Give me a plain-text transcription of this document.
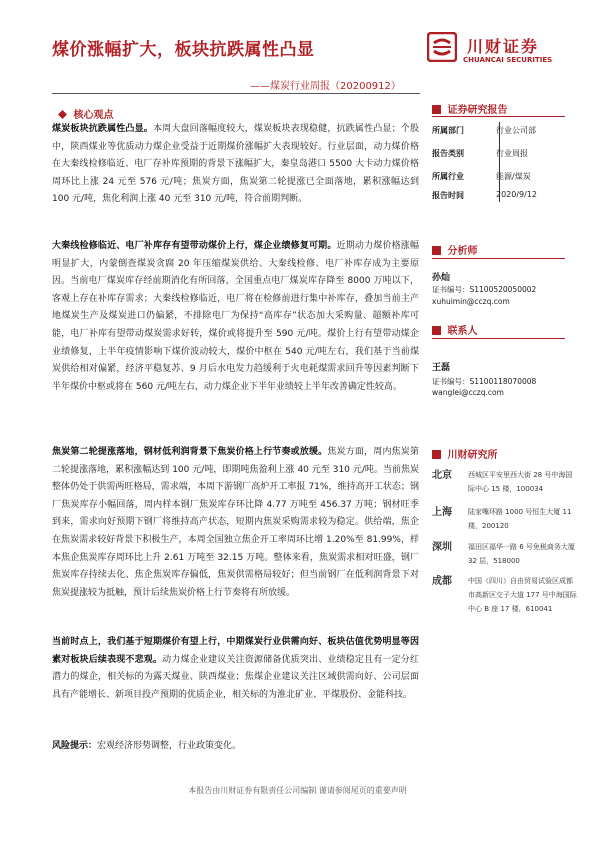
煤价涨幅扩大，板块抗跌属性凸显
——煤炭行业周报（20200912）
川财证券
CHUANCAI SECURITIES
核心观点
煤炭板块抗跌属性凸显。本周大盘回落幅度较大，煤炭板块表现稳健，抗跌属性凸显；个股中，陕西煤业等优质动力煤企业受益于近期煤价涨幅扩大表现较好。行业层面，动力煤价格在大秦线检修临近、电厂存补库预期的背景下涨幅扩大，秦皇岛港口 5500 大卡动力煤价格周环比上涨 24 元至 576 元/吨；焦炭方面，焦炭第二轮提涨已全面落地，累积涨幅达到 100 元/吨，焦化利润上涨 40 元至 310 元/吨，符合前期判断。
大秦线检修临近、电厂补库存有望带动煤价上行，煤企业绩修复可期。近期动力煤价格涨幅明显扩大，内蒙倒查煤炭贪腐 20 年压缩煤炭供给、大秦线检修、电厂补库存成为主要原因。当前电厂煤炭库存经前期消化有所回落，全国重点电厂煤炭库存降至 8000 万吨以下，客观上存在补库存需求；大秦线检修临近，电厂将在检修前进行集中补库存，叠加当前主产地煤炭生产及煤炭进口仍偏紧，不排除电厂为保持“高库存”状态加大采购量、超额补库可能，电厂补库有望带动煤炭需求好转，煤价或将提升至 590 元/吨。煤价上行有望带动煤企业绩修复，上半年疫情影响下煤价波动较大，煤价中枢在 540 元/吨左右，我们基于当前煤炭供给相对偏紧，经济平稳复苏、9 月后水电发力趋缓利于火电耗煤需求回升等因素判断下半年煤价中枢或将在 560 元/吨左右，动力煤企业下半年业绩较上半年改善确定性较高。
焦炭第二轮提涨落地，钢材低利润背景下焦炭价格上行节奏或放缓。焦炭方面，周内焦炭第二轮提涨落地，累积涨幅达到 100 元/吨，即期吨焦盈利上涨 40 元至 310 元/吨。当前焦炭整体仍处于供需两旺格局，需求端，本周下游钢厂高炉开工率报 71%，维持高开工状态；钢厂焦炭库存小幅回落，周内样本钢厂焦炭库存环比降 4.77 万吨至 456.37 万吨；钢材旺季到来，需求向好预期下钢厂将维持高产状态，短期内焦炭采购需求较为稳定。供给端，焦企在焦炭需求较好背景下积极生产，本周全国独立焦企开工率周环比增 1.20%至 81.99%，样本焦企焦炭库存周环比上升 2.61 万吨至 32.15 万吨。整体来看，焦炭需求相对旺盛，钢厂焦炭库存持续去化、焦企焦炭库存偏低，焦炭供需格局较好；但当前钢厂在低利润背景下对焦炭提涨较为抵触，预计后续焦炭价格上行节奏将有所放缓。
当前时点上，我们基于短期煤价有望上行，中期煤炭行业供需向好、板块估值优势明显等因素对板块后续表现不悲观。动力煤企业建议关注资源储备优质突出、业绩稳定且有一定分红潜力的煤企，相关标的为露天煤业、陕西煤业；焦煤企业建议关注区域供需向好、公司层面具有产能增长、新项目投产预期的优质企业，相关标的为淮北矿业、平煤股份、金能科技。
风险提示：宏观经济形势调整，行业政策变化。
证券研究报告
所属部门	行业公司部
报告类别	行业周报
所属行业	能源/煤炭
报告时间	2020/9/12
分析师
孙灿
证书编号：S1100520050002
xuhuimin@cczq.com
联系人
王磊
证书编号：S1100118070008
wanglei@cczq.com
川财研究所
北京 西城区平安里西大街 28 号中海国际中心 15 楼，100034
上海 陆家嘴环路 1000 号恒生大厦 11 楼，200120
深圳 福田区福华一路 6 号免税商务大厦 32 层，518000
成都 中国（四川）自由贸易试验区成都市高新区交子大道 177 号中海国际中心 B 座 17 楼，610041
本报告由川财证券有限责任公司编制 谨请参阅尾页的重要声明
